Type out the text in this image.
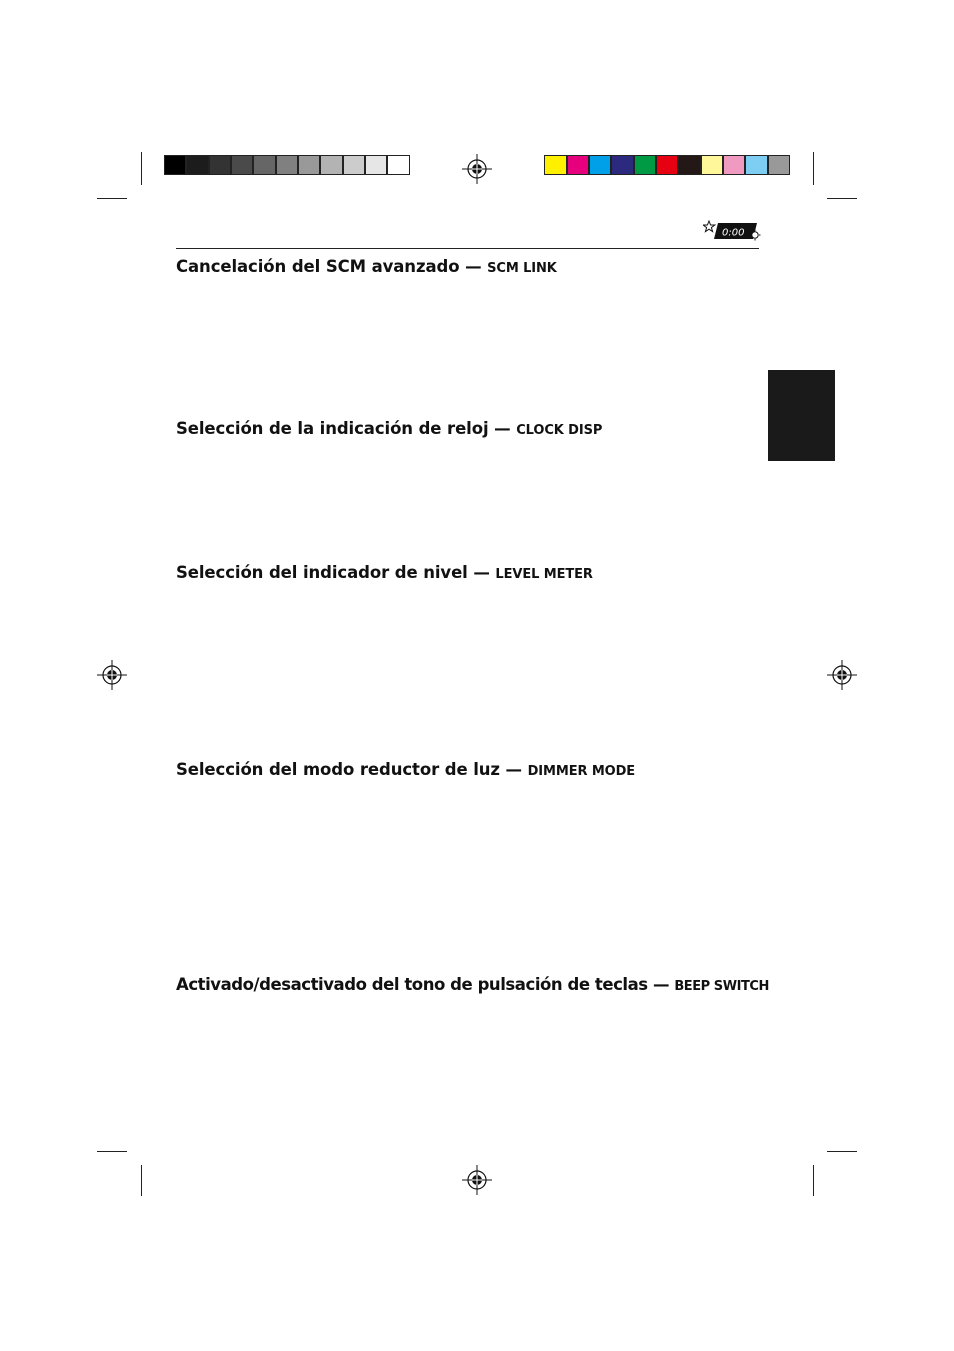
0:00
Cancelación del SCM avanzado — SCM LINK
Selección de la indicación de reloj — CLOCK DISP
Selección del indicador de nivel — LEVEL METER
Selección del modo reductor de luz — DIMMER MODE
Activado/desactivado del tono de pulsación de teclas — BEEP SWITCH
